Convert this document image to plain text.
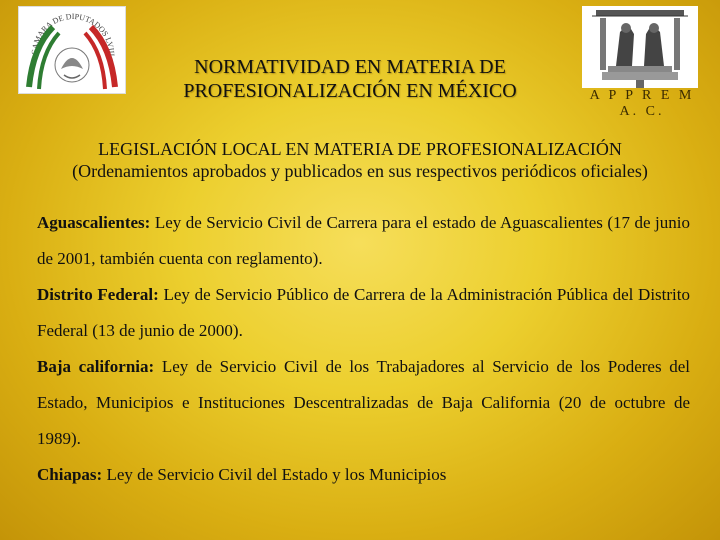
CAMARA DE DIPUTADOS LVIII
NORMATIVIDAD EN MATERIA DE
PROFESIONALIZACIÓN EN MÉXICO	A P P R E M A. C.
LEGISLACIÓN LOCAL EN MATERIA DE PROFESIONALIZACIÓN
(Ordenamientos aprobados y publicados en sus respectivos periódicos oficiales)
Aguascalientes: Ley de Servicio Civil de Carrera para el estado de Aguascalientes (17 de junio de 2001, también cuenta con reglamento).
Distrito Federal: Ley de Servicio Público de Carrera de la Administración Pública del Distrito Federal (13 de junio de 2000).
Baja california: Ley de Servicio Civil de los Trabajadores al Servicio de los Poderes del Estado, Municipios e Instituciones Descentralizadas de Baja California (20 de octubre de 1989).
Chiapas: Ley de Servicio Civil del Estado y los Municipios
